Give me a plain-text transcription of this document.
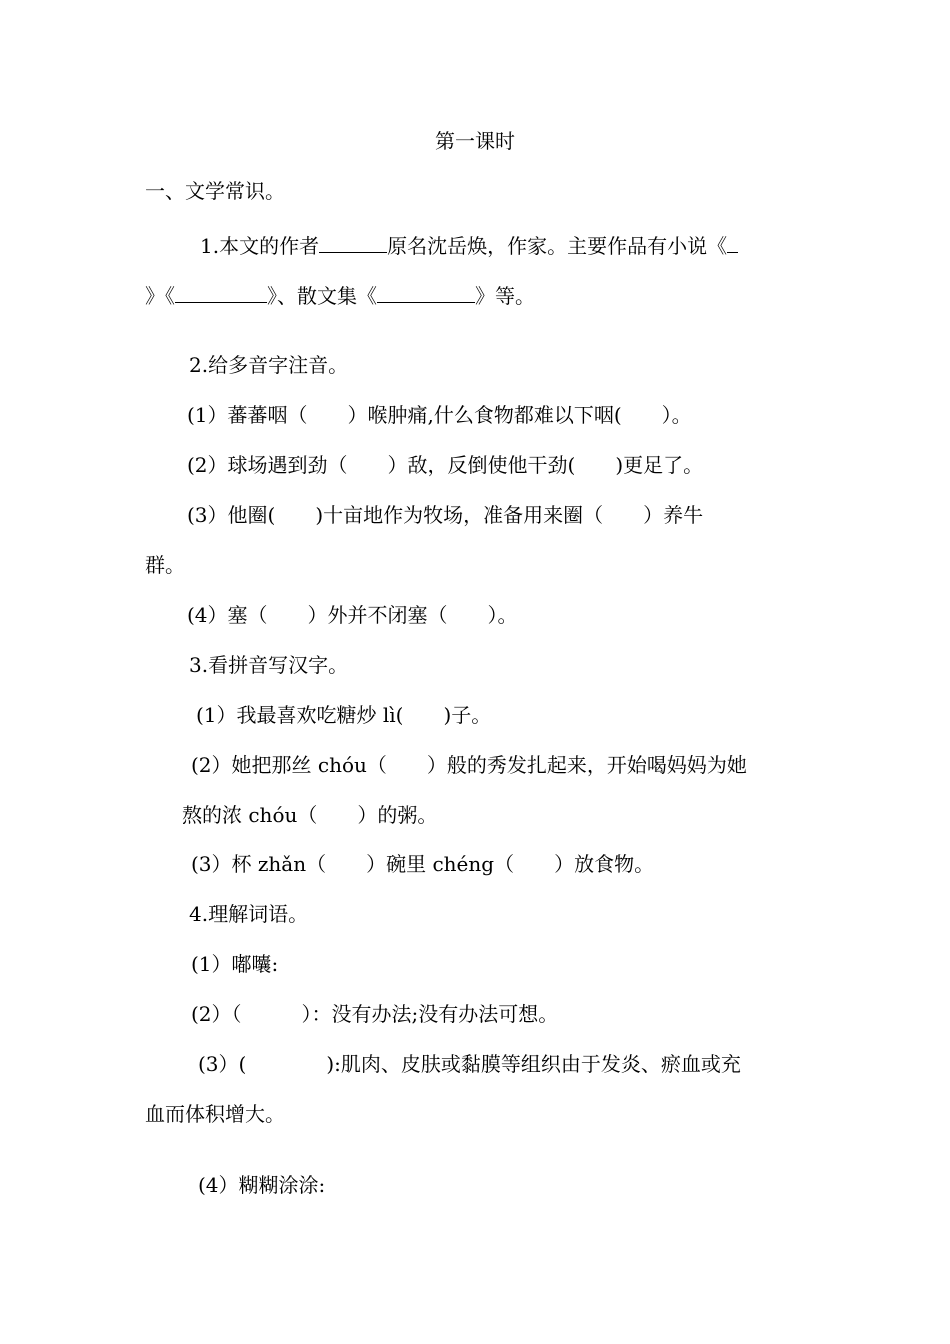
第一课时
一、文学常识。
1.本文的作者	原名沈岳焕，作家。主要作品有小说《
》《	》、散文集《	》等。
2.给多音字注音。
(1）蕃蕃咽（　　）喉肿痛,什么食物都难以下咽(　　）。
(2）球场遇到劲（　　）敌，反倒使他干劲(　　)更足了。
(3）他圈(　　)十亩地作为牧场，准备用来圈（　　）养牛
群。
(4）塞（　　）外并不闭塞（　　）。
3.看拼音写汉字。
(1）我最喜欢吃糖炒 lì(　　)子。
(2）她把那丝 chóu（　　）般的秀发扎起来，开始喝妈妈为她
熬的浓 chóu（　　）的粥。
(3）杯 zhǎn（　　）碗里 chéng（　　）放食物。
4.理解词语。
(1）嘟囔:
(2）（　　　）：没有办法;没有办法可想。
(3）(　　　　):肌肉、皮肤或黏膜等组织由于发炎、瘀血或充
血而体积增大。
(4）糊糊涂涂:
